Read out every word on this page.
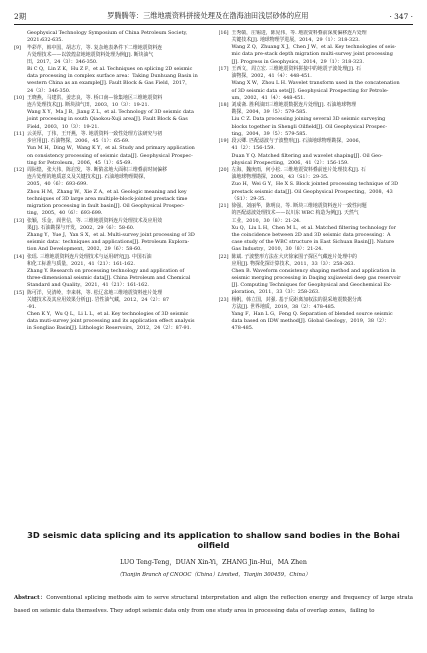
2期	罗腾腾等：三维地震资料拼接处理及在渤海油田浅层砂体的应用	· 347 ·
Geophysical Technology Symposium of China Petroleum Society,
2021:632-635.
[9]	毕彩芹，韩中国，胡志方，等. 复杂地表条件下二维地震资料连
片处理技术——以敦煌盆地地震资料处理为例[J]. 断块油气
田，2017，24（3）：346-350.
Bi C Q，Lin Z K，Hu Z F，et al. Techniques on splicing 2D seismic
data processing in complex surface area：Taking Dunhuang Basin in
western China as an example[J]. Fault Block & Gas Field，2017，
24（3）：346-350.
[10] 王晓燕，马建洪，姜忠良，等. 桥口南—徐集地区三维地震资料
连片处理技术[J]. 断块油气田，2003，10（3）：19-21.
Wang X Y，Ma J B，Jiang Z L，et al. Technology of 3D seismic data
joint processing in south Qiaokou-Xuji area[J]. Fault Block & Gas
Field，2003，10（3）：19-21.
[11] 云美厚，丁伟，王开燕，等. 地震资料一致性处理方法研究与初
步应用[J]. 石油物探，2006，45（1）：65-69.
Yun M H，Ding W，Wang K Y，et al. Study and primary application
on consistency processing of seismic data[J]. Geophysical Prospec-
ting for Petroleum，2006，45（1）：65-69.
[12] 周际煌，张大伟，陈启发，等. 断陷盆地大面积三维叠前时间偏移
连片处理的地质意义及关键技术[J]. 石油地球物理勘探，
2005，40（6）：693-699.
Zhou H M，Zhang W，Xie Z A，et al. Geologic meaning and key
techniques of 3D large area multiple-block-jointed prestack time
migration processing in fault basin[J]. Oil Geophysical Prospec-
ting，2005，40（6）：693-699.
[13] 张颖，乐金，阎世信，等. 三维地震资料连片处理技术及应用效
果[J]. 石油勘探与开发，2002，29（6）：58-60.
Zhang Y，Yue J，Yan S X，et al. Multi-survey joint processing of 3D
seismic data：techniques and applications[J]. Petroleum Explora-
tion And Development，2002，29（6）：58-60.
[14] 张瑶. 三维地震资料连片处理技术与运用研究[J]. 中国石油
和化工标准与质量，2021，41（21）：161-162.
Zhang Y. Research on processing technology and application of
three-dimensional seismic data[J]. China Petroleum and Chemical
Standard and Quality，2021，41（21）：161-162.
[15] 陈可洋，吴清岭，李来林，等. 松辽盆地三维地震资料连片处理
关键技术及其应用效果分析[J]. 岩性油气藏，2012，24（2）：87
-91.
Chen K Y，Wu Q L，Li L L，et al. Key technologies of 3D seismic
data muti-survey joint processing and its application effect analysis
in Songliao Basin[J]. Lithologic Reservoirs，2012，24（2）：87-91.
[16] 王秀赣，庄锡进，陈见伟，等. 地震资料叠前深度偏移连片处理
关键技术[J]. 地球物理学进展，2014，29（1）：318-323.
Wang Z Q，Zhuang X J，Chen J W，et al. Key technologies of seis-
mic data pre-stack depth migration multi-survey joint processing
[J]. Progress in Geophysics，2014，29（1）：318-323.
[17] 王西文，周立宏. 三维地震资料拼接中的地震子波处理[J]. 石
油物探，2002，41（4）：448-451.
Wang X W，Zhou L H. Wavelet transform used in the concatenation
of 3D seismic data sets[J]. Geophysical Prospecting for Petrole-
um，2002，41（4）：448-451.
[18] 刘成斋. 胜利油田三维地震数据连片处理[J]. 石油地球物理
勘探，2004，39（5）：579-585.
Liu C Z. Data processing joining several 3D seismic surveying
blocks together in Shengli Oilfield[J]. Oil Geophysical Prospec-
ting，2004，39（5）：579-585.
[19] 段云卿. 匹配滤波与子波整形[J]. 石油地球物理勘探，2006，
41（2）：156-159.
Duan Y Q. Matched filtering and wavelet shaping[J]. Oil Geo-
physical Prospecting，2006，41（2）：156-159.
[20] 左海，魏庚雨，何小松. 三维地震资料叠前连片处理技术[J]. 石
油地球物理勘探，2008，43（S1）：29-35.
Zuo H，Wei G Y，He X S. Block jointed processing technique of 3D
prestack seismic data[J]. Oil Geophysical Prospecting，2008，43
（S1）：29-35.
[21] 徐强，刘丽华，陈明良，等. 断块三维地震资料连片一致性问题
的匹配滤波处理技术——以川东 WBC 构造为例[J]. 天然气
工业，2010，30（8）：21-24.
Xu Q，Liu L H，Chen M L，et al. Matched filtering technology for
the coincidence between 2D and 3D seismic data processing：A
case study of the WBC structure in East Sichuan Basin[J]. Nature
Gas Industry，2010，30（8）：21-24.
[22] 陈斌. 子波整形方法在大庆徐家围子探区气藏连片处理中的
应用[J]. 物探化探计算技术，2011，33（3）：258-263.
Chen B. Waveform consistency shaping method and application in
seismic merging processing in Daqing xujiaweizi deep gas reservoir
[J]. Computing Techniques for Geophysical and Geochemical Ex-
ploration，2011，33（3）：258-263.
[23] 杨帆，韩立国，封强. 基于反距离加权法的混采地震数据分离
方法[J]. 世界地质，2019，38（2）：478-485.
Yang F，Han L G，Feng Q. Separation of blended source seismic
data based on IDW method[J]. Global Geology，2019，38（2）：
478-485.
3D seismic data splicing and its application to shallow sand bodies in the Bohai oilfield
LUO Teng-Teng，DUAN Xin-Yi，ZHANG Jin-Hui，MA Zhen
（Tianjin Branch of CNOOC（China）Limited，Tianjin 300459，China）
Abstract：Conventional splicing methods aim to serve structural interpretation and align the reflection energy and frequency of large strata based on seismic data themselves. They adopt seismic data only from one study area in processing data of overlap zones，failing to
